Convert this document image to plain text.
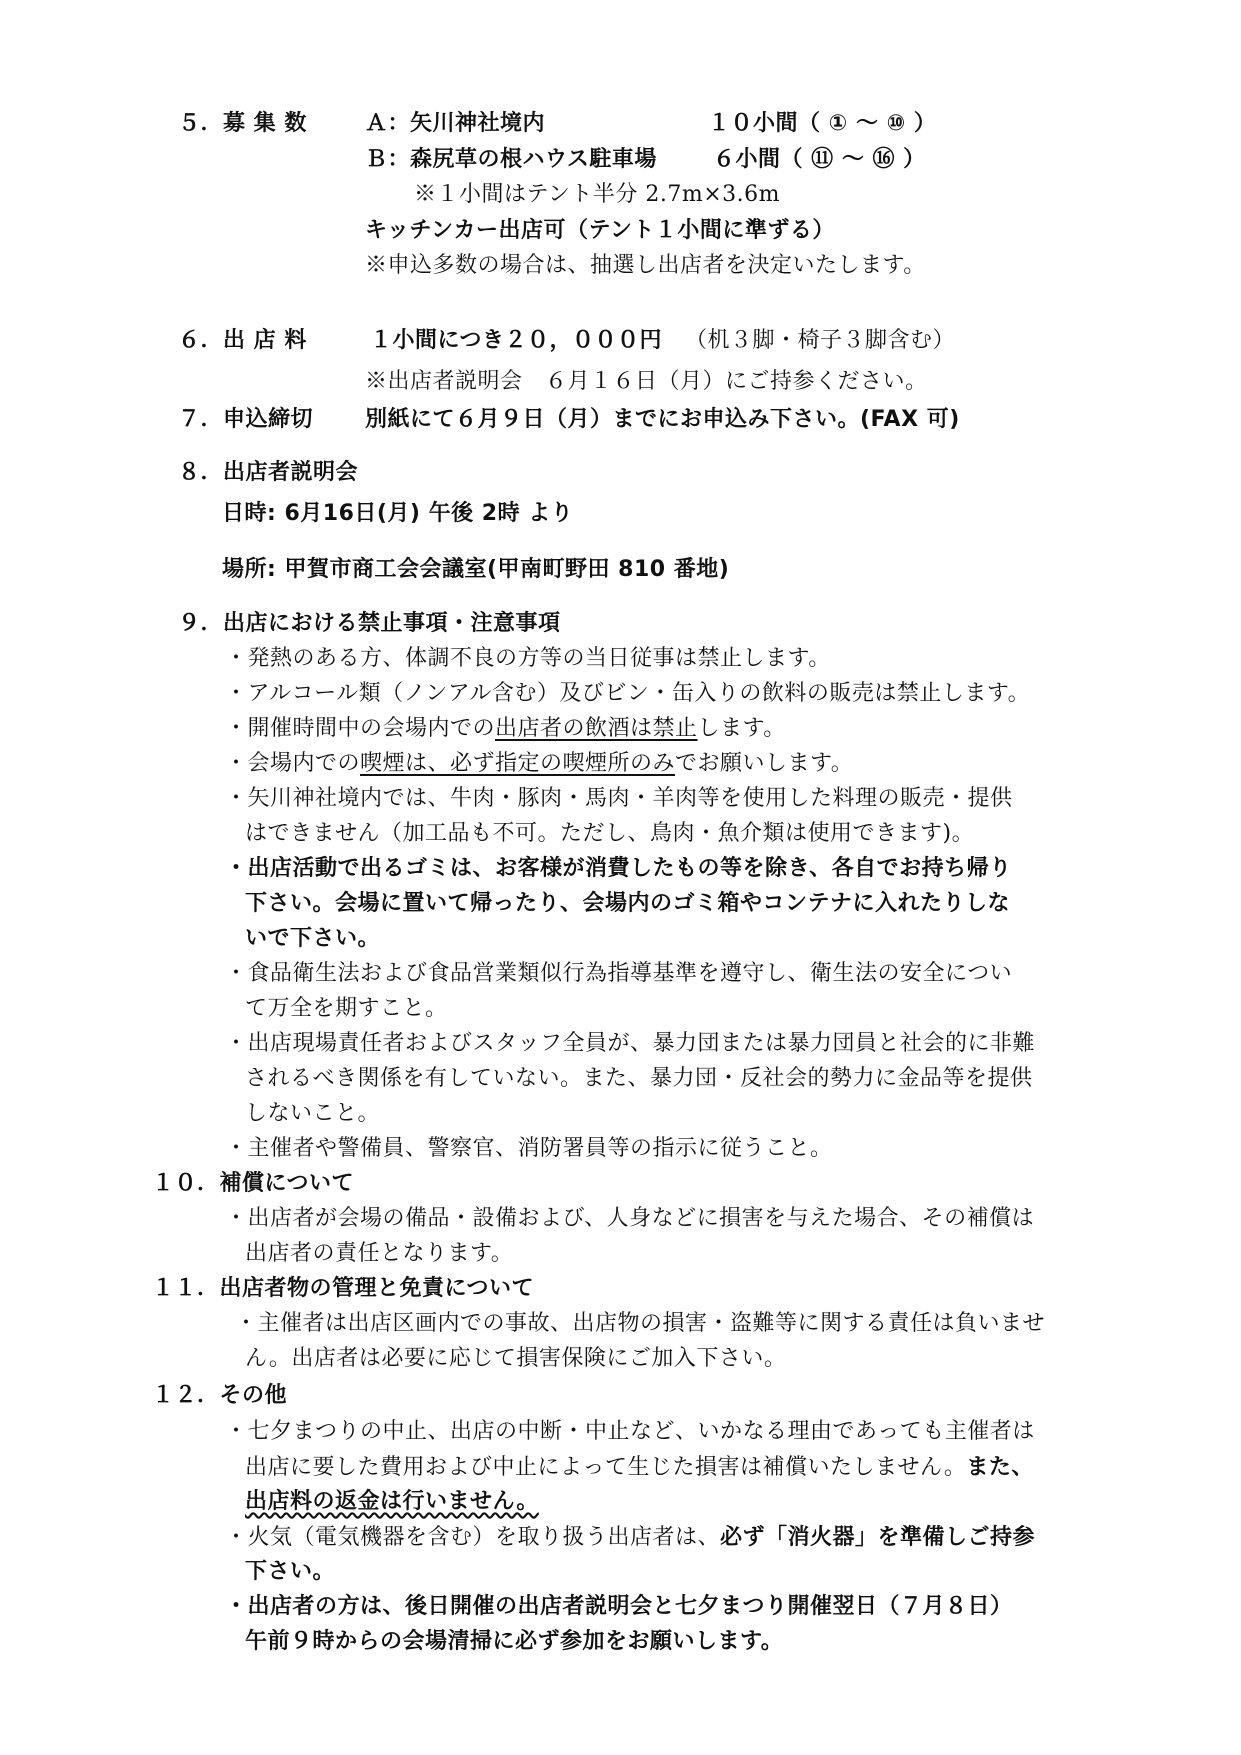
５．募 集 数	Ａ：矢川神社境内	１０小間（ ① ～ ⑩ ）
Ｂ：森尻草の根ハウス駐車場	６小間（ ⑪ ～ ⑯ ）
※１小間はテント半分 2.7m×3.6m
キッチンカー出店可（テント１小間に準ずる）
※申込多数の場合は、抽選し出店者を決定いたします。
６．出 店 料	１小間につき２０，０００円 （机３脚・椅子３脚含む）
※出店者説明会　６月１６日（月）にご持参ください。
７．申込締切 別紙にて６月９日（月）までにお申込み下さい。(FAX 可)
８．出店者説明会
日時: 6月16日(月) 午後 2時 より
場所: 甲賀市商工会会議室(甲南町野田 810 番地)
９．出店における禁止事項・注意事項
・発熱のある方、体調不良の方等の当日従事は禁止します。
・アルコール類（ノンアル含む）及びビン・缶入りの飲料の販売は禁止します。
・開催時間中の会場内での出店者の飲酒は禁止します。
・会場内での喫煙は、必ず指定の喫煙所のみでお願いします。
・矢川神社境内では、牛肉・豚肉・馬肉・羊肉等を使用した料理の販売・提供
はできません（加工品も不可。ただし、鳥肉・魚介類は使用できます)。
・出店活動で出るゴミは、お客様が消費したもの等を除き、各自でお持ち帰り
下さい。会場に置いて帰ったり、会場内のゴミ箱やコンテナに入れたりしな
いで下さい。
・食品衛生法および食品営業類似行為指導基準を遵守し、衛生法の安全につい
て万全を期すこと。
・出店現場責任者およびスタッフ全員が、暴力団または暴力団員と社会的に非難
されるべき関係を有していない。また、暴力団・反社会的勢力に金品等を提供
しないこと。
・主催者や警備員、警察官、消防署員等の指示に従うこと。
１０．補償について
・出店者が会場の備品・設備および、人身などに損害を与えた場合、その補償は
出店者の責任となります。
１１．出店者物の管理と免責について
・主催者は出店区画内での事故、出店物の損害・盗難等に関する責任は負いませ
ん。出店者は必要に応じて損害保険にご加入下さい。
１２．その他
・七夕まつりの中止、出店の中断・中止など、いかなる理由であっても主催者は
出店に要した費用および中止によって生じた損害は補償いたしません。また、
出店料の返金は行いません。
・火気（電気機器を含む）を取り扱う出店者は、必ず「消火器」を準備しご持参
下さい。
・出店者の方は、後日開催の出店者説明会と七夕まつり開催翌日（７月８日）
午前９時からの会場清掃に必ず参加をお願いします。
